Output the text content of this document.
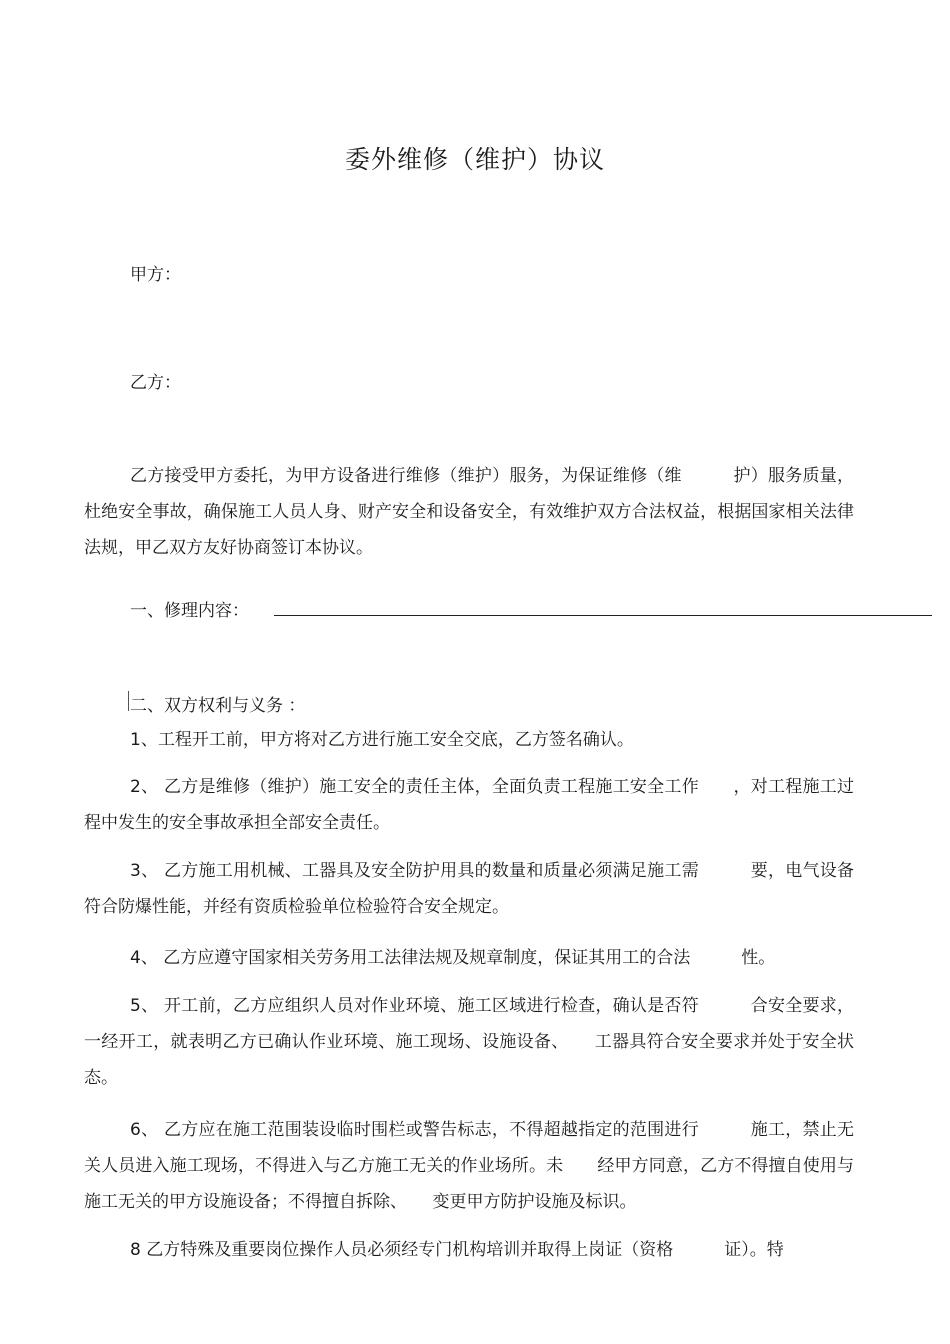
委外维修（维护）协议
甲方：
乙方：
乙方接受甲方委托，为甲方设备进行维修（维护）服务，为保证维修（维　　　护）服务质量，杜绝安全事故，确保施工人员人身、财产安全和设备安全，有效维护双方合法权益，根据国家相关法律法规，甲乙双方友好协商签订本协议。
一、修理内容：
二、双方权利与义务 ：
1、工程开工前，甲方将对乙方进行施工安全交底，乙方签名确认。
2、 乙方是维修（维护）施工安全的责任主体，全面负责工程施工安全工作　　，对工程施工过程中发生的安全事故承担全部安全责任。
3、 乙方施工用机械、工器具及安全防护用具的数量和质量必须满足施工需　　　要，电气设备符合防爆性能，并经有资质检验单位检验符合安全规定。
4、 乙方应遵守国家相关劳务用工法律法规及规章制度，保证其用工的合法　　　性。
5、 开工前，乙方应组织人员对作业环境、施工区域进行检查，确认是否符　　　合安全要求，一经开工，就表明乙方已确认作业环境、施工现场、设施设备、　　工器具符合安全要求并处于安全状态。
6、 乙方应在施工范围装设临时围栏或警告标志，不得超越指定的范围进行　　　施工，禁止无关人员进入施工现场，不得进入与乙方施工无关的作业场所。未　　经甲方同意，乙方不得擅自使用与施工无关的甲方设施设备；不得擅自拆除、　　变更甲方防护设施及标识。
8 乙方特殊及重要岗位操作人员必须经专门机构培训并取得上岗证（资格　　　证）。特
